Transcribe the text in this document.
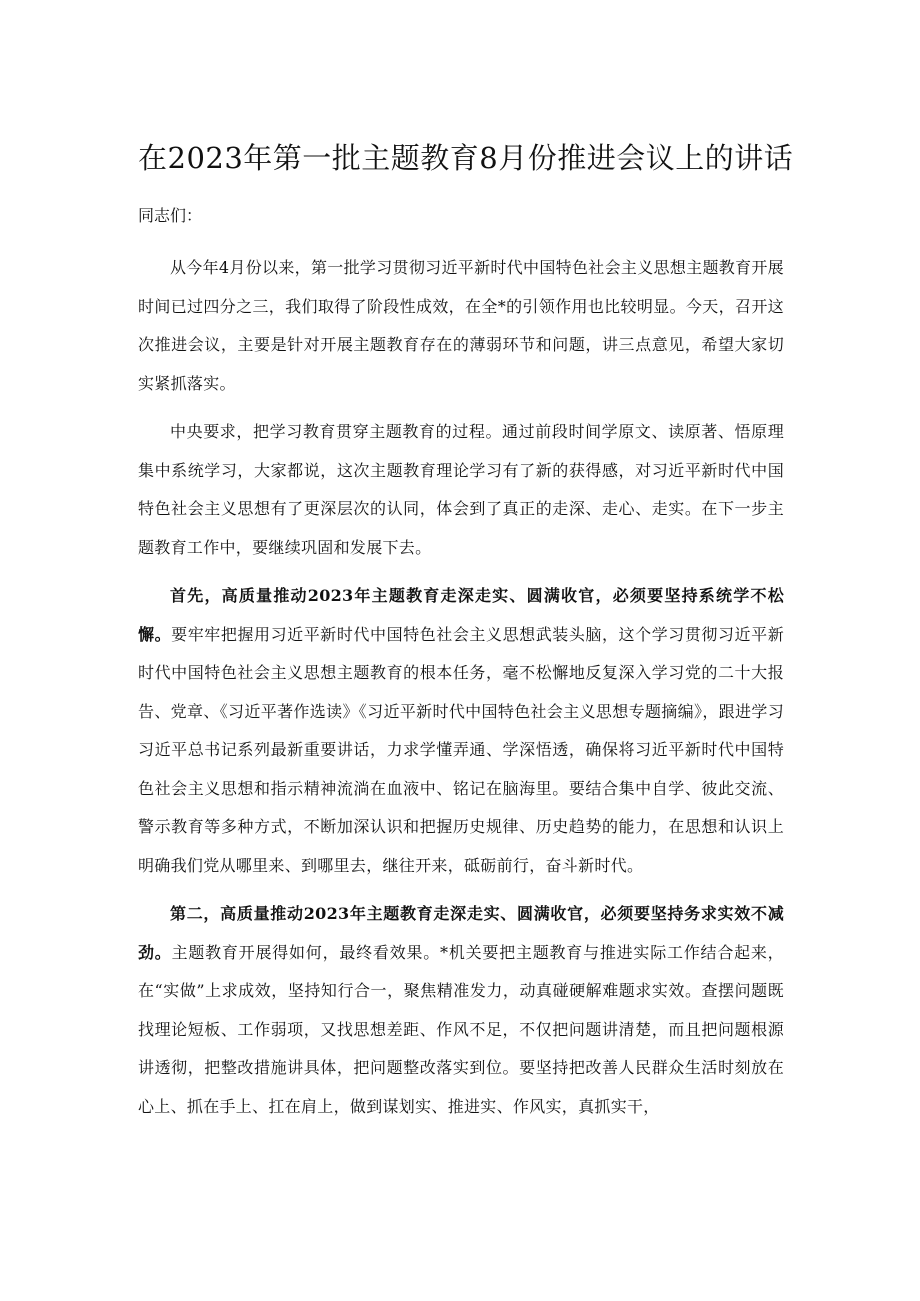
在2023年第一批主题教育8月份推进会议上的讲话

同志们：

从今年4月份以来，第一批学习贯彻习近平新时代中国特色社会主义思想主题教育开展时间已过四分之三，我们取得了阶段性成效，在全*的引领作用也比较明显。今天，召开这次推进会议，主要是针对开展主题教育存在的薄弱环节和问题，讲三点意见，希望大家切实紧抓落实。

中央要求，把学习教育贯穿主题教育的过程。通过前段时间学原文、读原著、悟原理集中系统学习，大家都说，这次主题教育理论学习有了新的获得感，对习近平新时代中国特色社会主义思想有了更深层次的认同，体会到了真正的走深、走心、走实。在下一步主题教育工作中，要继续巩固和发展下去。

首先，高质量推动2023年主题教育走深走实、圆满收官，必须要坚持系统学不松懈。要牢牢把握用习近平新时代中国特色社会主义思想武装头脑，这个学习贯彻习近平新时代中国特色社会主义思想主题教育的根本任务，毫不松懈地反复深入学习党的二十大报告、党章、《习近平著作选读》《习近平新时代中国特色社会主义思想专题摘编》，跟进学习习近平总书记系列最新重要讲话，力求学懂弄通、学深悟透，确保将习近平新时代中国特色社会主义思想和指示精神流淌在血液中、铭记在脑海里。要结合集中自学、彼此交流、警示教育等多种方式，不断加深认识和把握历史规律、历史趋势的能力，在思想和认识上明确我们党从哪里来、到哪里去，继往开来，砥砺前行，奋斗新时代。

第二，高质量推动2023年主题教育走深走实、圆满收官，必须要坚持务求实效不减劲。主题教育开展得如何，最终看效果。*机关要把主题教育与推进实际工作结合起来，在“实做”上求成效，坚持知行合一，聚焦精准发力，动真碰硬解难题求实效。查摆问题既找理论短板、工作弱项，又找思想差距、作风不足，不仅把问题讲清楚，而且把问题根源讲透彻，把整改措施讲具体，把问题整改落实到位。要坚持把改善人民群众生活时刻放在心上、抓在手上、扛在肩上，做到谋划实、推进实、作风实，真抓实干，
